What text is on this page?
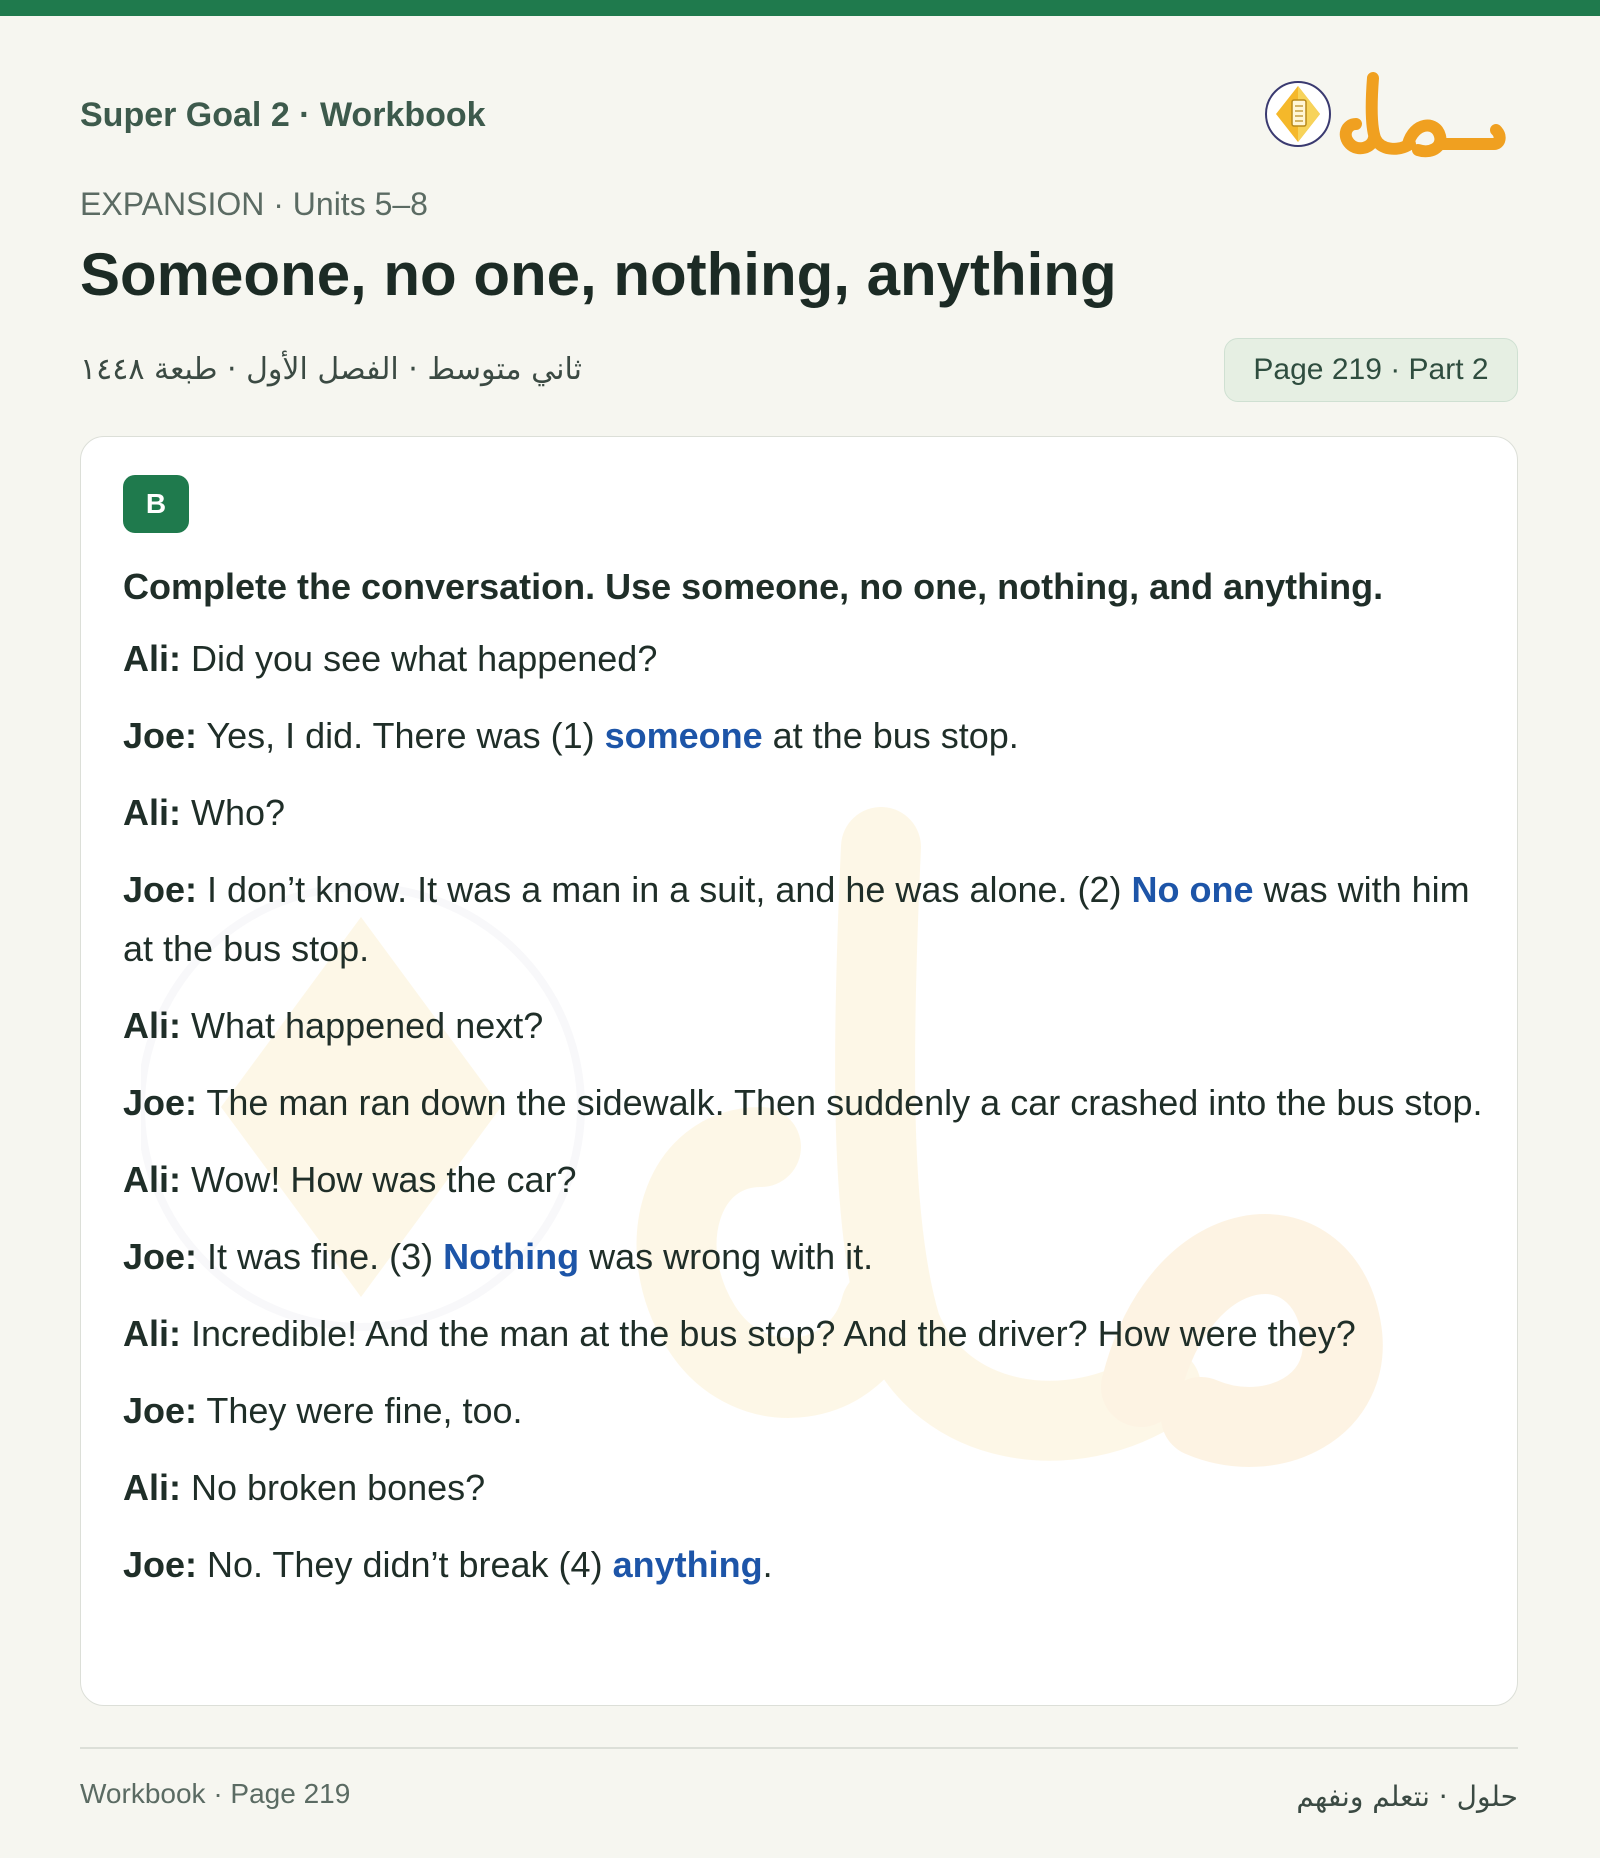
Super Goal 2 · Workbook

EXPANSION · Units 5–8
Someone, no one, nothing, anything
ثاني متوسط · الفصل الأول · طبعة ١٤٤٨	Page 219 · Part 2
B

Complete the conversation. Use someone, no one, nothing, and anything.

Ali: Did you see what happened?

Joe: Yes, I did. There was (1) someone at the bus stop.

Ali: Who?

Joe: I don’t know. It was a man in a suit, and he was alone. (2) No one was with him at the bus stop.

Ali: What happened next?

Joe: The man ran down the sidewalk. Then suddenly a car crashed into the bus stop.

Ali: Wow! How was the car?

Joe: It was fine. (3) Nothing was wrong with it.

Ali: Incredible! And the man at the bus stop? And the driver? How were they?

Joe: They were fine, too.

Ali: No broken bones?

Joe: No. They didn’t break (4) anything.

Workbook · Page 219	حلول · نتعلم ونفهم
